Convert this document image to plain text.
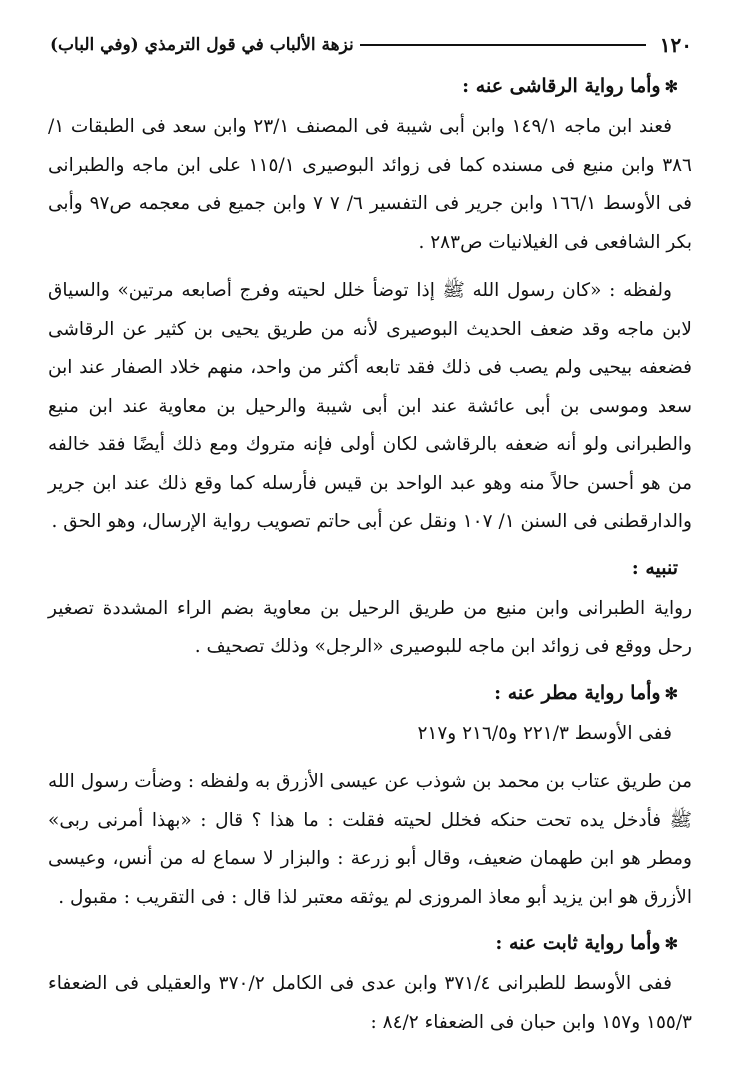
١٢٠
نزهة الألباب في قول الترمذي (وفي الباب)
✻وأما رواية الرقاشى عنه :

فعند ابن ماجه ١٤٩/١ وابن أبى شيبة فى المصنف ٢٣/١ وابن سعد فى الطبقات ١/ ٣٨٦ وابن منيع فى مسنده كما فى زوائد البوصيرى ١١٥/١ على ابن ماجه والطبرانى فى الأوسط ١٦٦/١ وابن جرير فى التفسير ٦/ ٧ ٧ وابن جميع فى معجمه ص٩٧ وأبى بكر الشافعى فى الغيلانيات ص٢٨٣ .

ولفظه : «كان رسول الله ﷺ إذا توضأ خلل لحيته وفرج أصابعه مرتين» والسياق لابن ماجه وقد ضعف الحديث البوصيرى لأنه من طريق يحيى بن كثير عن الرقاشى فضعفه بيحيى ولم يصب فى ذلك فقد تابعه أكثر من واحد، منهم خلاد الصفار عند ابن سعد وموسى بن أبى عائشة عند ابن أبى شيبة والرحيل بن معاوية عند ابن منيع والطبرانى ولو أنه ضعفه بالرقاشى لكان أولى فإنه متروك ومع ذلك أيضًا فقد خالفه من هو أحسن حالاً منه وهو عبد الواحد بن قيس فأرسله كما وقع ذلك عند ابن جرير والدارقطنى فى السنن ١/ ١٠٧ ونقل عن أبى حاتم تصويب رواية الإرسال، وهو الحق .

تنبيه :

رواية الطبرانى وابن منيع من طريق الرحيل بن معاوية بضم الراء المشددة تصغير رحل ووقع فى زوائد ابن ماجه للبوصيرى «الرجل» وذلك تصحيف .

✻وأما رواية مطر عنه :

ففى الأوسط ٢٢١/٣ و٢١٦/٥ و٢١٧

من طريق عتاب بن محمد بن شوذب عن عيسى الأزرق به ولفظه : وضأت رسول الله ﷺ فأدخل يده تحت حنكه فخلل لحيته فقلت : ما هذا ؟ قال : «بهذا أمرنى ربى» ومطر هو ابن طهمان ضعيف، وقال أبو زرعة : والبزار لا سماع له من أنس، وعيسى الأزرق هو ابن يزيد أبو معاذ المروزى لم يوثقه معتبر لذا قال : فى التقريب : مقبول .

✻وأما رواية ثابت عنه :

ففى الأوسط للطبرانى ٣٧١/٤ وابن عدى فى الكامل ٣٧٠/٢ والعقيلى فى الضعفاء ١٥٥/٣ و١٥٧ وابن حبان فى الضعفاء ٨٤/٢ :
